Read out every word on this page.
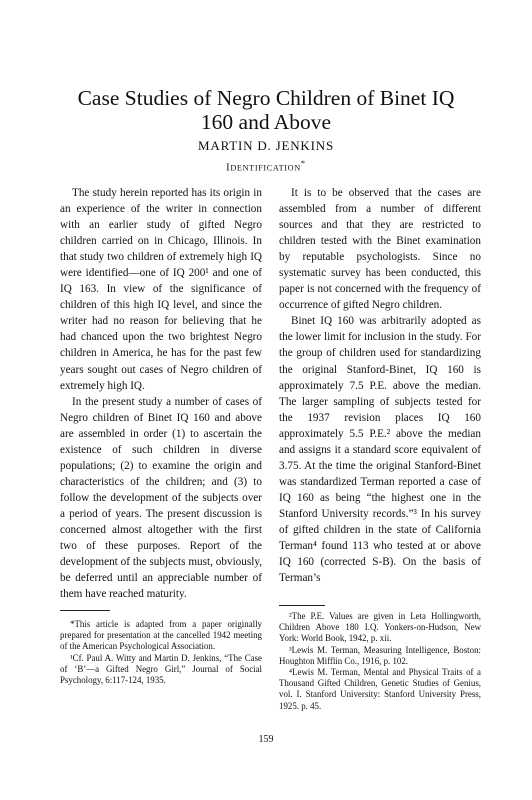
Case Studies of Negro Children of Binet IQ
160 and Above
MARTIN D. JENKINS
IDENTIFICATION*

The study herein reported has its origin in an experience of the writer in connection with an earlier study of gifted Negro children carried on in Chicago, Illinois. In that study two children of extremely high IQ were identified—one of IQ 200¹ and one of IQ 163. In view of the significance of children of this high IQ level, and since the writer had no reason for believing that he had chanced upon the two brightest Negro children in America, he has for the past few years sought out cases of Negro children of extremely high IQ.

In the present study a number of cases of Negro children of Binet IQ 160 and above are assembled in order (1) to ascertain the existence of such children in diverse populations; (2) to examine the origin and characteristics of the children; and (3) to follow the development of the subjects over a period of years. The present discussion is concerned almost altogether with the first two of these purposes. Report of the development of the subjects must, obviously, be deferred until an appreciable number of them have reached maturity.

It is to be observed that the cases are assembled from a number of different sources and that they are restricted to children tested with the Binet examination by reputable psychologists. Since no systematic survey has been conducted, this paper is not concerned with the frequency of occurrence of gifted Negro children.

Binet IQ 160 was arbitrarily adopted as the lower limit for inclusion in the study. For the group of children used for standardizing the original Stanford-Binet, IQ 160 is approximately 7.5 P.E. above the median. The larger sampling of subjects tested for the 1937 revision places IQ 160 approximately 5.5 P.E.² above the median and assigns it a standard score equivalent of 3.75. At the time the original Stanford-Binet was standardized Terman reported a case of IQ 160 as being “the highest one in the Stanford University records.”³ In his survey of gifted children in the state of California Terman⁴ found 113 who tested at or above IQ 160 (corrected S-B). On the basis of Terman’s

*This article is adapted from a paper originally prepared for presentation at the cancelled 1942 meeting of the American Psychological Association.

¹Cf. Paul A. Witty and Martin D. Jenkins, “The Case of ‘B’—a Gifted Negro Girl,” Journal of Social Psychology, 6:117-124, 1935.

²The P.E. Values are given in Leta Hollingworth, Children Above 180 I.Q. Yonkers-on-Hudson, New York: World Book, 1942, p. xii.

³Lewis M. Terman, Measuring Intelligence, Boston: Houghton Mifflin Co., 1916, p. 102.

⁴Lewis M. Terman, Mental and Physical Traits of a Thousand Gifted Children, Genetic Studies of Genius, vol. I. Stanford University: Stanford University Press, 1925. p. 45.

159
